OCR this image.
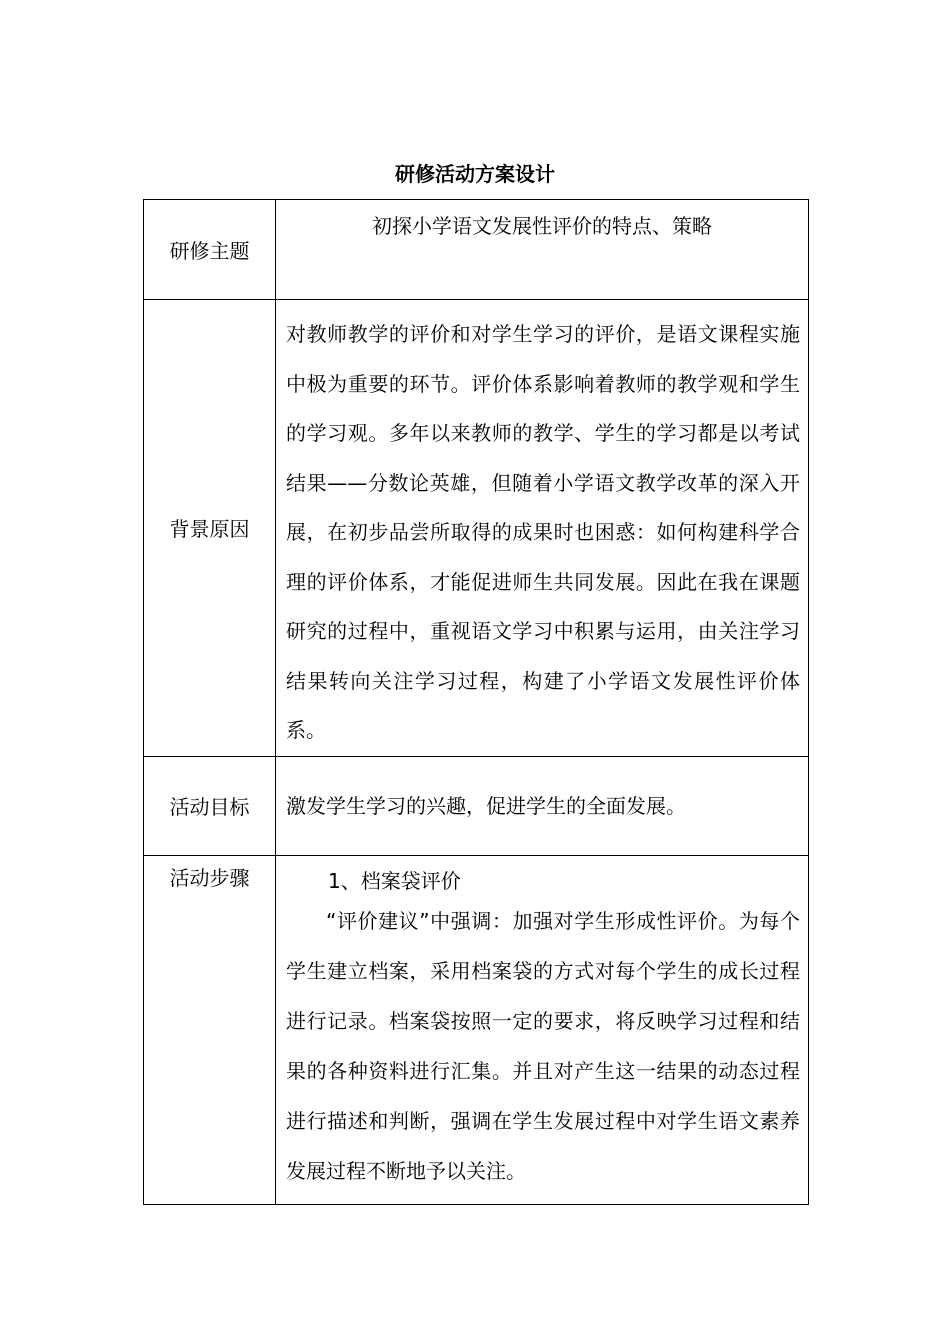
研修活动方案设计
研修主题	初探小学语文发展性评价的特点、策略

背景原因	对教师教学的评价和对学生学习的评价，是语文课程实施中极为重要的环节。评价体系影响着教师的教学观和学生的学习观。多年以来教师的教学、学生的学习都是以考试结果——分数论英雄，但随着小学语文教学改革的深入开展，在初步品尝所取得的成果时也困惑：如何构建科学合理的评价体系，才能促进师生共同发展。因此在我在课题研究的过程中，重视语文学习中积累与运用，由关注学习结果转向关注学习过程，构建了小学语文发展性评价体系。

活动目标	激发学生学习的兴趣，促进学生的全面发展。

活动步骤	1、档案袋评价
“评价建议”中强调：加强对学生形成性评价。为每个学生建立档案，采用档案袋的方式对每个学生的成长过程进行记录。档案袋按照一定的要求，将反映学习过程和结果的各种资料进行汇集。并且对产生这一结果的动态过程进行描述和判断，强调在学生发展过程中对学生语文素养发展过程不断地予以关注。
